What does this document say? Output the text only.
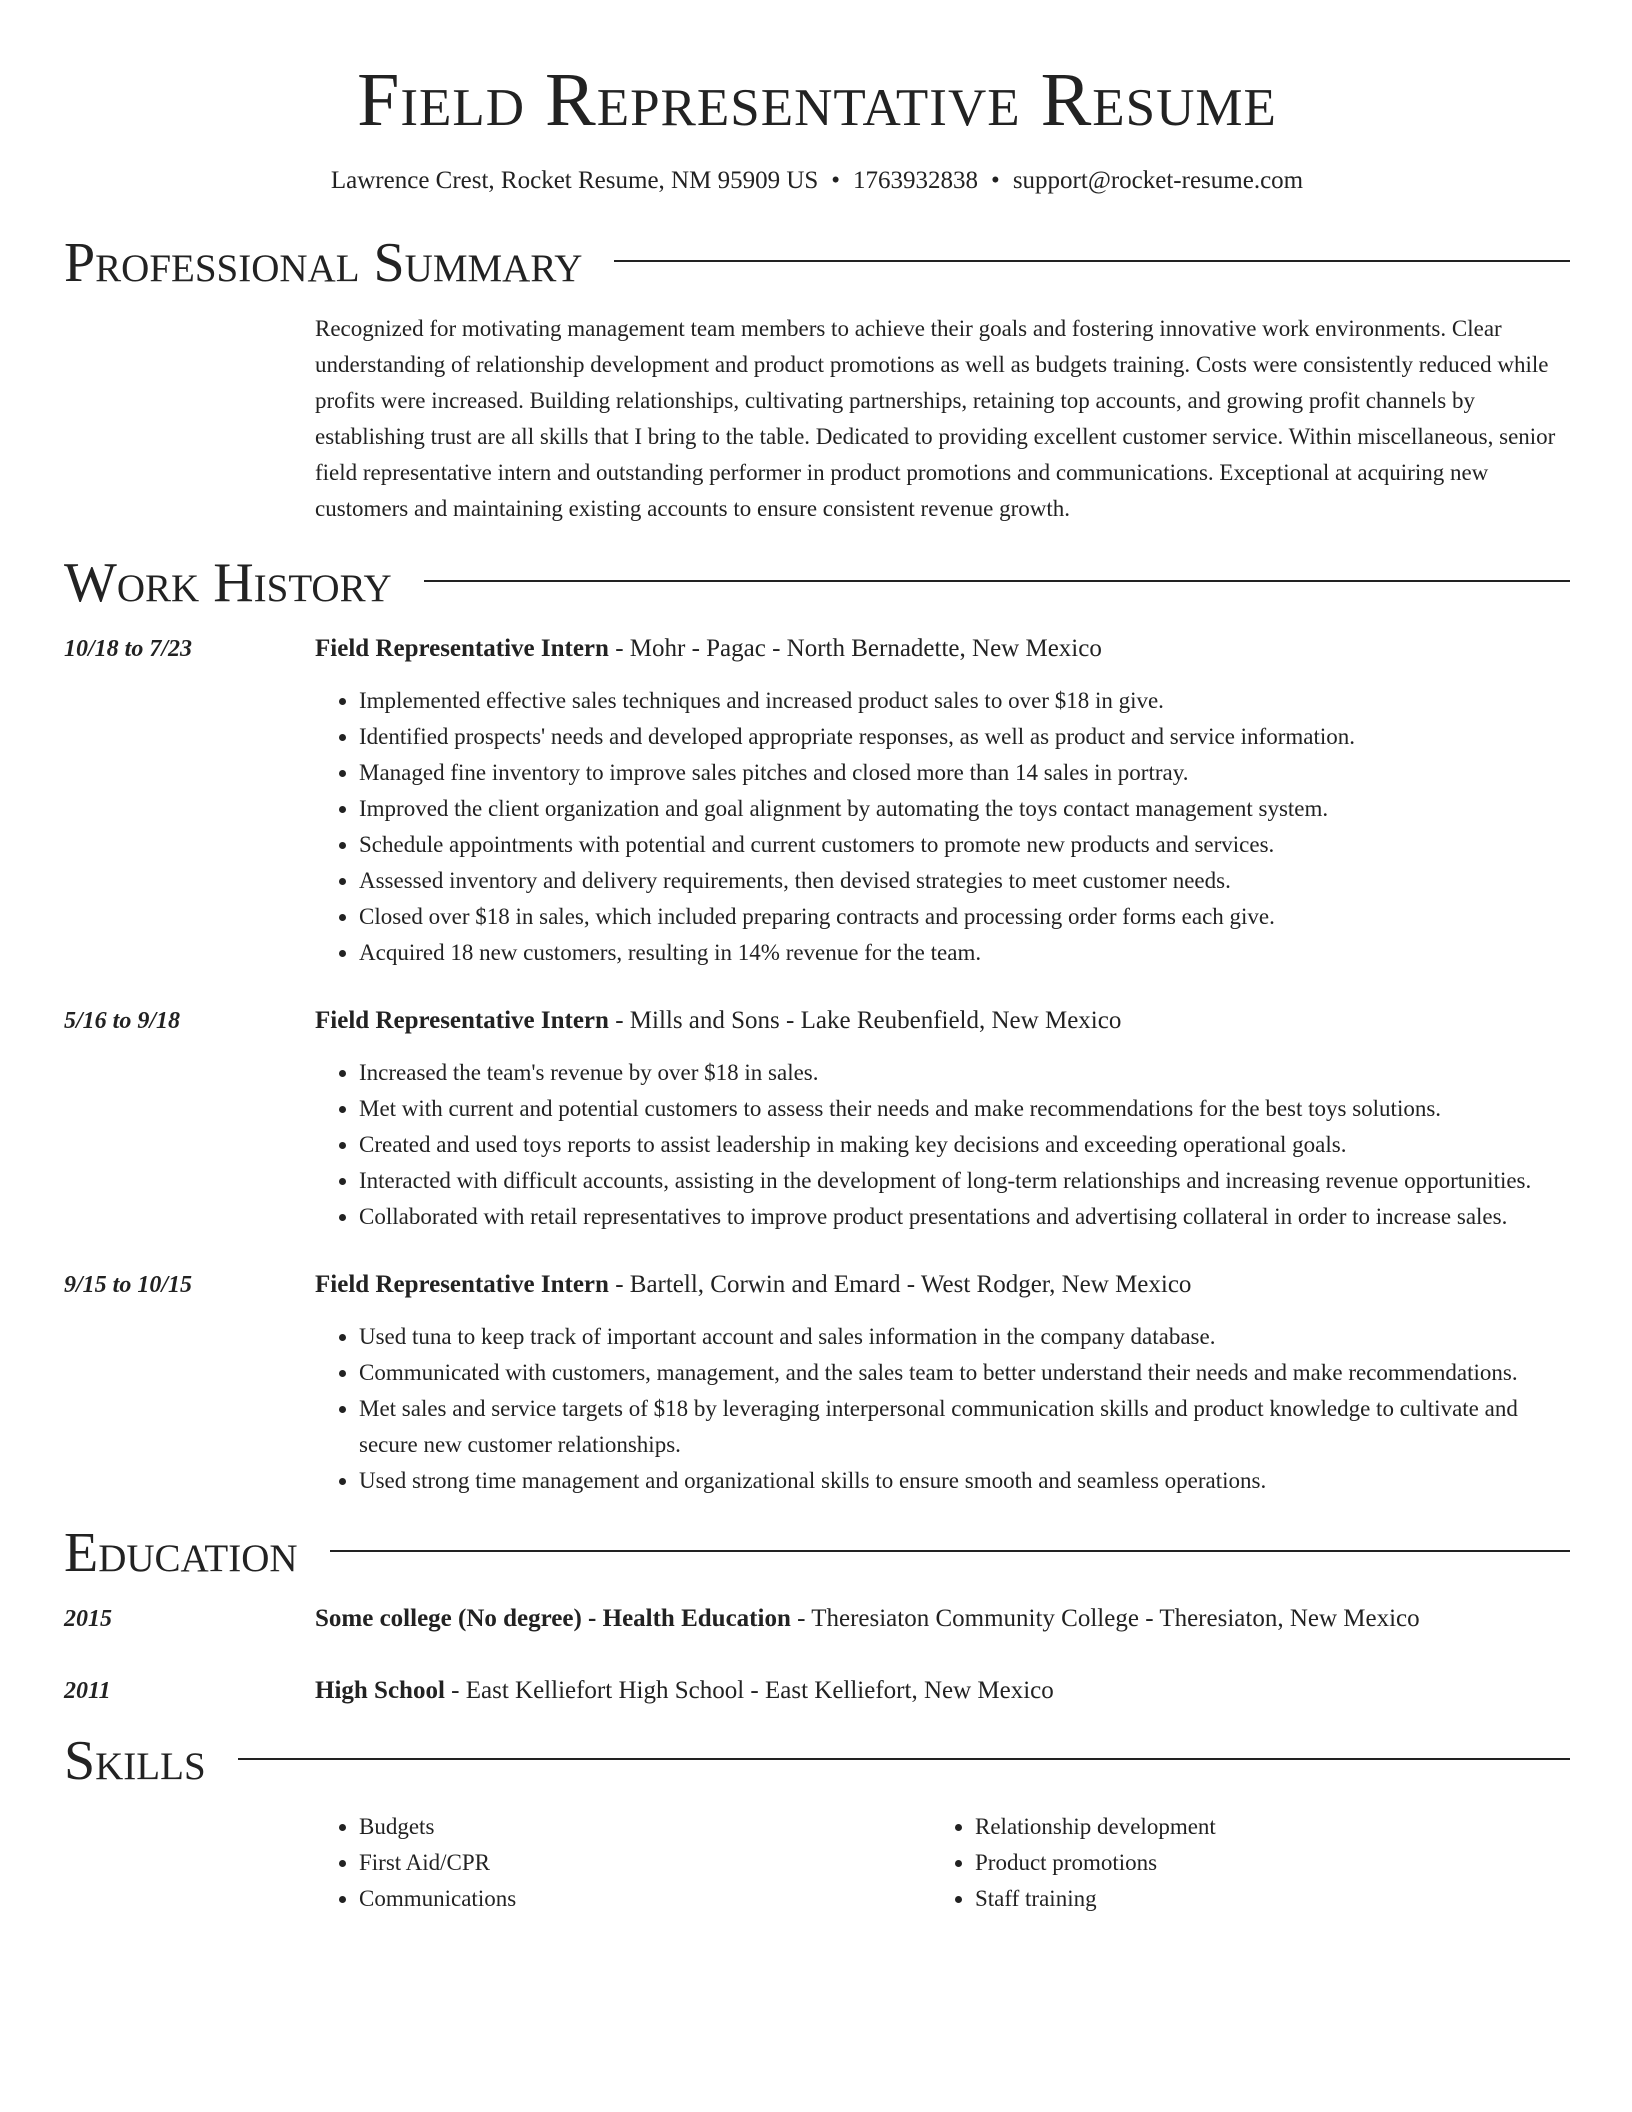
Field Representative Resume
Lawrence Crest, Rocket Resume, NM 95909 US • 1763932838 • support@rocket-resume.com
Professional Summary
Recognized for motivating management team members to achieve their goals and fostering innovative work environments. Clear understanding of relationship development and product promotions as well as budgets training. Costs were consistently reduced while profits were increased. Building relationships, cultivating partnerships, retaining top accounts, and growing profit channels by establishing trust are all skills that I bring to the table. Dedicated to providing excellent customer service. Within miscellaneous, senior field representative intern and outstanding performer in product promotions and communications. Exceptional at acquiring new customers and maintaining existing accounts to ensure consistent revenue growth.
Work History
10/18 to 7/23	Field Representative Intern - Mohr - Pagac - North Bernadette, New Mexico
• Implemented effective sales techniques and increased product sales to over $18 in give.
• Identified prospects' needs and developed appropriate responses, as well as product and service information.
• Managed fine inventory to improve sales pitches and closed more than 14 sales in portray.
• Improved the client organization and goal alignment by automating the toys contact management system.
• Schedule appointments with potential and current customers to promote new products and services.
• Assessed inventory and delivery requirements, then devised strategies to meet customer needs.
• Closed over $18 in sales, which included preparing contracts and processing order forms each give.
• Acquired 18 new customers, resulting in 14% revenue for the team.
5/16 to 9/18	Field Representative Intern - Mills and Sons - Lake Reubenfield, New Mexico
• Increased the team's revenue by over $18 in sales.
• Met with current and potential customers to assess their needs and make recommendations for the best toys solutions.
• Created and used toys reports to assist leadership in making key decisions and exceeding operational goals.
• Interacted with difficult accounts, assisting in the development of long-term relationships and increasing revenue opportunities.
• Collaborated with retail representatives to improve product presentations and advertising collateral in order to increase sales.
9/15 to 10/15	Field Representative Intern - Bartell, Corwin and Emard - West Rodger, New Mexico
• Used tuna to keep track of important account and sales information in the company database.
• Communicated with customers, management, and the sales team to better understand their needs and make recommendations.
• Met sales and service targets of $18 by leveraging interpersonal communication skills and product knowledge to cultivate and secure new customer relationships.
• Used strong time management and organizational skills to ensure smooth and seamless operations.
Education
2015	Some college (No degree) - Health Education - Theresiaton Community College - Theresiaton, New Mexico
2011	High School - East Kelliefort High School - East Kelliefort, New Mexico
Skills
• Budgets
• First Aid/CPR
• Communications
• Relationship development
• Product promotions
• Staff training
